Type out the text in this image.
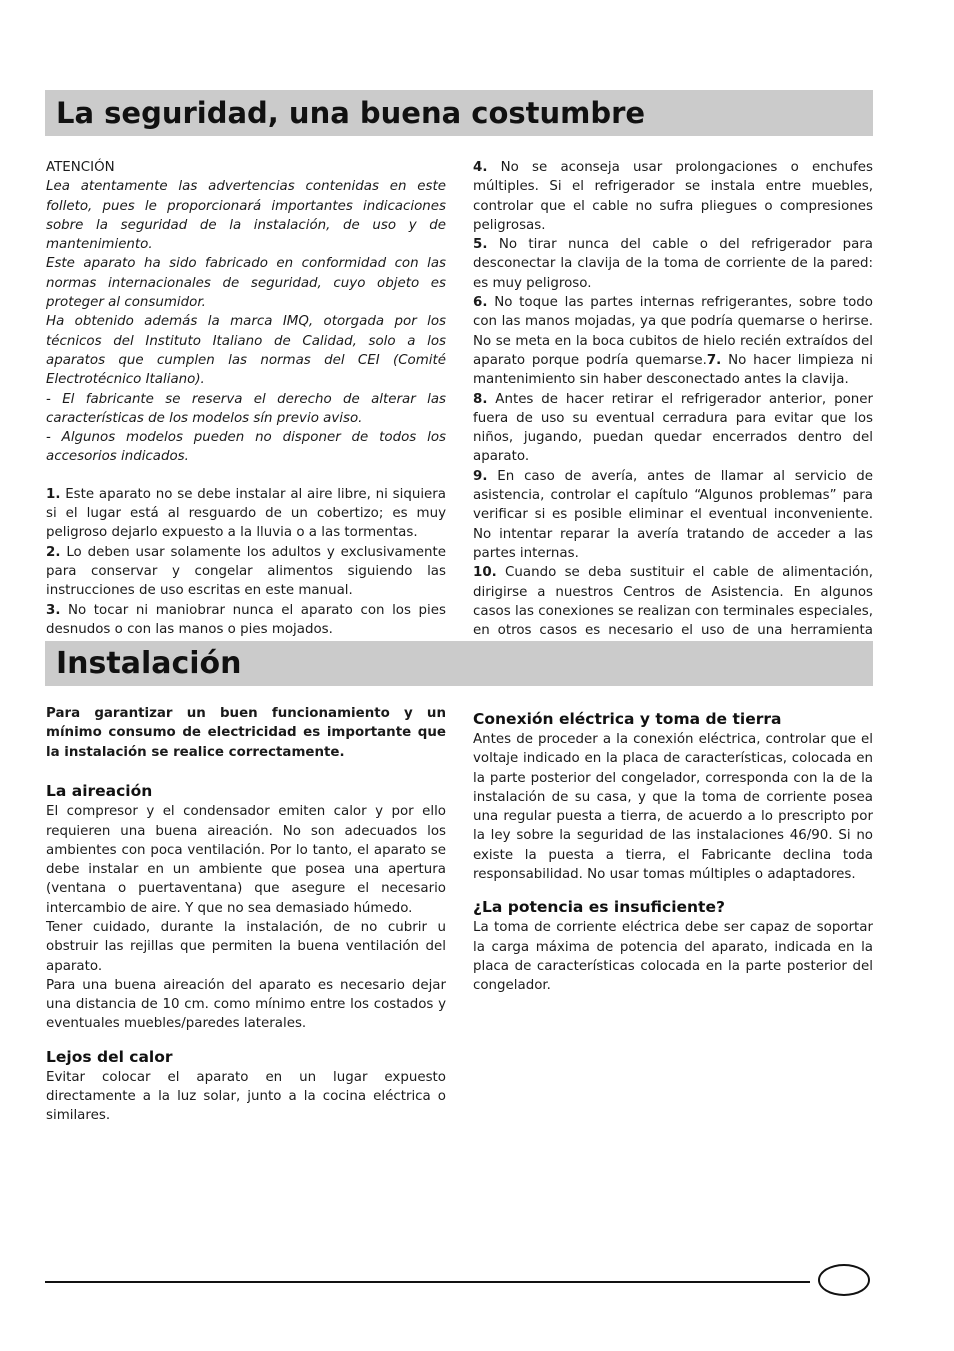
La seguridad, una buena costumbre

ATENCIÓN

Lea atentamente las advertencias contenidas en este folleto, pues le proporcionará importantes indicaciones sobre la seguridad de la instalación, de uso y de mantenimiento.

Este aparato ha sido fabricado en conformidad con las normas internacionales de seguridad, cuyo objeto es proteger al consumidor.

Ha obtenido además la marca IMQ, otorgada por los técnicos del Instituto Italiano de Calidad, solo a los aparatos que cumplen las normas del CEI (Comité Electrotécnico Italiano).

- El fabricante se reserva el derecho de alterar las características de los modelos sín previo aviso.

- Algunos modelos pueden no disponer de todos los accesorios indicados.

1. Este aparato no se debe instalar al aire libre, ni siquiera si el lugar está al resguardo de un cobertizo; es muy peligroso dejarlo expuesto a la lluvia o a las tormentas.

2. Lo deben usar solamente los adultos y exclusivamente para conservar y congelar alimentos siguiendo las instrucciones de uso escritas en este manual.

3. No tocar ni maniobrar nunca el aparato con los pies desnudos o con las manos o pies mojados.

4. No se aconseja usar prolongaciones o enchufes múltiples. Si el refrigerador se instala entre muebles, controlar que el cable no sufra pliegues o compresiones peligrosas.

5. No tirar nunca del cable o del refrigerador para desconectar la clavija de la toma de corriente de la pared: es muy peligroso.

6. No toque las partes internas refrigerantes, sobre todo con las manos mojadas, ya que podría quemarse o herirse. No se meta en la boca cubitos de hielo recién extraídos del aparato porque podría quemarse.7. No hacer limpieza ni mantenimiento sin haber desconectado antes la clavija.

8. Antes de hacer retirar el refrigerador anterior, poner fuera de uso su eventual cerradura para evitar que los niños, jugando, puedan quedar encerrados dentro del aparato.

9. En caso de avería, antes de llamar al servicio de asistencia, controlar el capítulo “Algunos problemas” para verificar si es posible eliminar el eventual inconveniente. No intentar reparar la avería tratando de acceder a las partes internas.

10. Cuando se deba sustituir el cable de alimentación, dirigirse a nuestros Centros de Asistencia. En algunos casos las conexiones se realizan con terminales especiales, en otros casos es necesario el uso de una herramienta

Instalación

Para garantizar un buen funcionamiento y un mínimo consumo de electricidad es importante que la instalación se realice correctamente.

La aireación

El compresor y el condensador emiten calor y por ello requieren una buena aireación. No son adecuados los ambientes con poca ventilación. Por lo tanto, el aparato se debe instalar en un ambiente que posea una apertura (ventana o puertaventana) que asegure el necesario intercambio de aire. Y que no sea demasiado húmedo.

Tener cuidado, durante la instalación, de no cubrir u obstruir las rejillas que permiten la buena ventilación del aparato.

Para una buena aireación del aparato es necesario dejar una distancia de 10 cm. como mínimo entre los costados y eventuales muebles/paredes laterales.

Lejos del calor

Evitar colocar el aparato en un lugar expuesto directamente a la luz solar, junto a la cocina eléctrica o similares.

Conexión eléctrica y toma de tierra

Antes de proceder a la conexión eléctrica, controlar que el voltaje indicado en la placa de características, colocada en la parte posterior del congelador, corresponda con la de la instalación de su casa, y que la toma de corriente posea una regular puesta a tierra, de acuerdo a lo prescripto por la ley sobre la seguridad de las instalaciones 46/90. Si no existe la puesta a tierra, el Fabricante declina toda responsabilidad. No usar tomas múltiples o adaptadores.

¿La potencia es insuficiente?

La toma de corriente eléctrica debe ser capaz de soportar la carga máxima de potencia del aparato, indicada en la placa de características colocada en la parte posterior del congelador.
